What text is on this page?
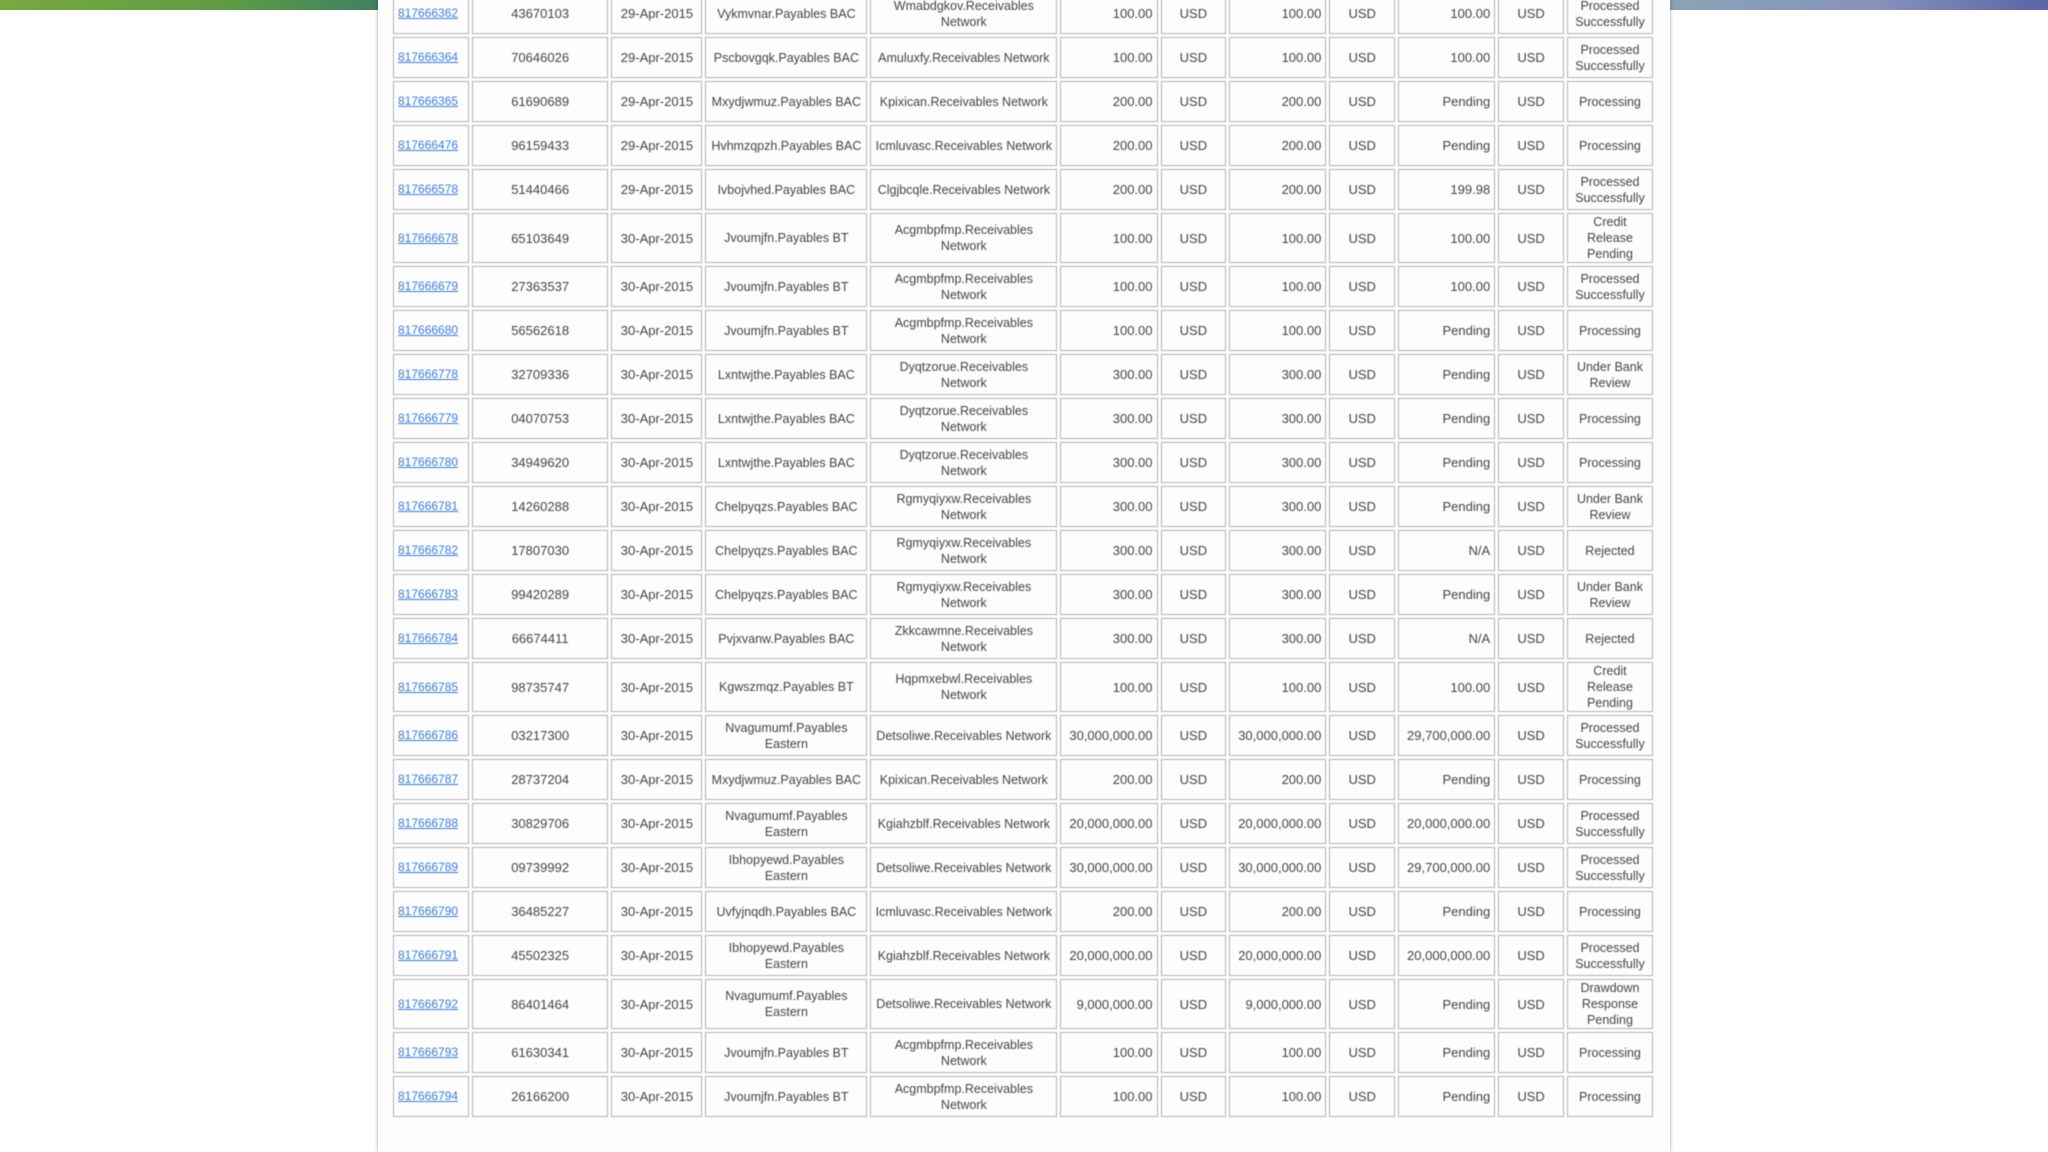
817666362	43670103	29-Apr-2015	Vykmvnar.Payables BAC	Wmabdgkov.Receivables Network	100.00	USD	100.00	USD	100.00	USD	Processed Successfully

817666364	70646026	29-Apr-2015	Pscbovgqk.Payables BAC	Amuluxfy.Receivables Network	100.00	USD	100.00	USD	100.00	USD	Processed Successfully

817666365	61690689	29-Apr-2015	Mxydjwmuz.Payables BAC	Kpixican.Receivables Network	200.00	USD	200.00	USD	Pending	USD	Processing

817666476	96159433	29-Apr-2015	Hvhmzqpzh.Payables BAC	Icmluvasc.Receivables Network	200.00	USD	200.00	USD	Pending	USD	Processing

817666578	51440466	29-Apr-2015	Ivbojvhed.Payables BAC	Clgjbcqle.Receivables Network	200.00	USD	200.00	USD	199.98	USD	Processed Successfully

817666678	65103649	30-Apr-2015	Jvoumjfn.Payables BT	Acgmbpfmp.Receivables Network	100.00	USD	100.00	USD	100.00	USD	Credit Release Pending

817666679	27363537	30-Apr-2015	Jvoumjfn.Payables BT	Acgmbpfmp.Receivables Network	100.00	USD	100.00	USD	100.00	USD	Processed Successfully

817666680	56562618	30-Apr-2015	Jvoumjfn.Payables BT	Acgmbpfmp.Receivables Network	100.00	USD	100.00	USD	Pending	USD	Processing

817666778	32709336	30-Apr-2015	Lxntwjthe.Payables BAC	Dyqtzorue.Receivables Network	300.00	USD	300.00	USD	Pending	USD	Under Bank Review

817666779	04070753	30-Apr-2015	Lxntwjthe.Payables BAC	Dyqtzorue.Receivables Network	300.00	USD	300.00	USD	Pending	USD	Processing

817666780	34949620	30-Apr-2015	Lxntwjthe.Payables BAC	Dyqtzorue.Receivables Network	300.00	USD	300.00	USD	Pending	USD	Processing

817666781	14260288	30-Apr-2015	Chelpyqzs.Payables BAC	Rgmyqiyxw.Receivables Network	300.00	USD	300.00	USD	Pending	USD	Under Bank Review

817666782	17807030	30-Apr-2015	Chelpyqzs.Payables BAC	Rgmyqiyxw.Receivables Network	300.00	USD	300.00	USD	N/A	USD	Rejected

817666783	99420289	30-Apr-2015	Chelpyqzs.Payables BAC	Rgmyqiyxw.Receivables Network	300.00	USD	300.00	USD	Pending	USD	Under Bank Review

817666784	66674411	30-Apr-2015	Pvjxvanw.Payables BAC	Zkkcawmne.Receivables Network	300.00	USD	300.00	USD	N/A	USD	Rejected

817666785	98735747	30-Apr-2015	Kgwszmqz.Payables BT	Hqpmxebwl.Receivables Network	100.00	USD	100.00	USD	100.00	USD	Credit Release Pending

817666786	03217300	30-Apr-2015	Nvagumumf.Payables Eastern	Detsoliwe.Receivables Network	30,000,000.00	USD	30,000,000.00	USD	29,700,000.00	USD	Processed Successfully

817666787	28737204	30-Apr-2015	Mxydjwmuz.Payables BAC	Kpixican.Receivables Network	200.00	USD	200.00	USD	Pending	USD	Processing

817666788	30829706	30-Apr-2015	Nvagumumf.Payables Eastern	Kgiahzblf.Receivables Network	20,000,000.00	USD	20,000,000.00	USD	20,000,000.00	USD	Processed Successfully

817666789	09739992	30-Apr-2015	Ibhopyewd.Payables Eastern	Detsoliwe.Receivables Network	30,000,000.00	USD	30,000,000.00	USD	29,700,000.00	USD	Processed Successfully

817666790	36485227	30-Apr-2015	Uvfyjnqdh.Payables BAC	Icmluvasc.Receivables Network	200.00	USD	200.00	USD	Pending	USD	Processing

817666791	45502325	30-Apr-2015	Ibhopyewd.Payables Eastern	Kgiahzblf.Receivables Network	20,000,000.00	USD	20,000,000.00	USD	20,000,000.00	USD	Processed Successfully

817666792	86401464	30-Apr-2015	Nvagumumf.Payables Eastern	Detsoliwe.Receivables Network	9,000,000.00	USD	9,000,000.00	USD	Pending	USD	Drawdown Response Pending

817666793	61630341	30-Apr-2015	Jvoumjfn.Payables BT	Acgmbpfmp.Receivables Network	100.00	USD	100.00	USD	Pending	USD	Processing

817666794	26166200	30-Apr-2015	Jvoumjfn.Payables BT	Acgmbpfmp.Receivables Network	100.00	USD	100.00	USD	Pending	USD	Processing
